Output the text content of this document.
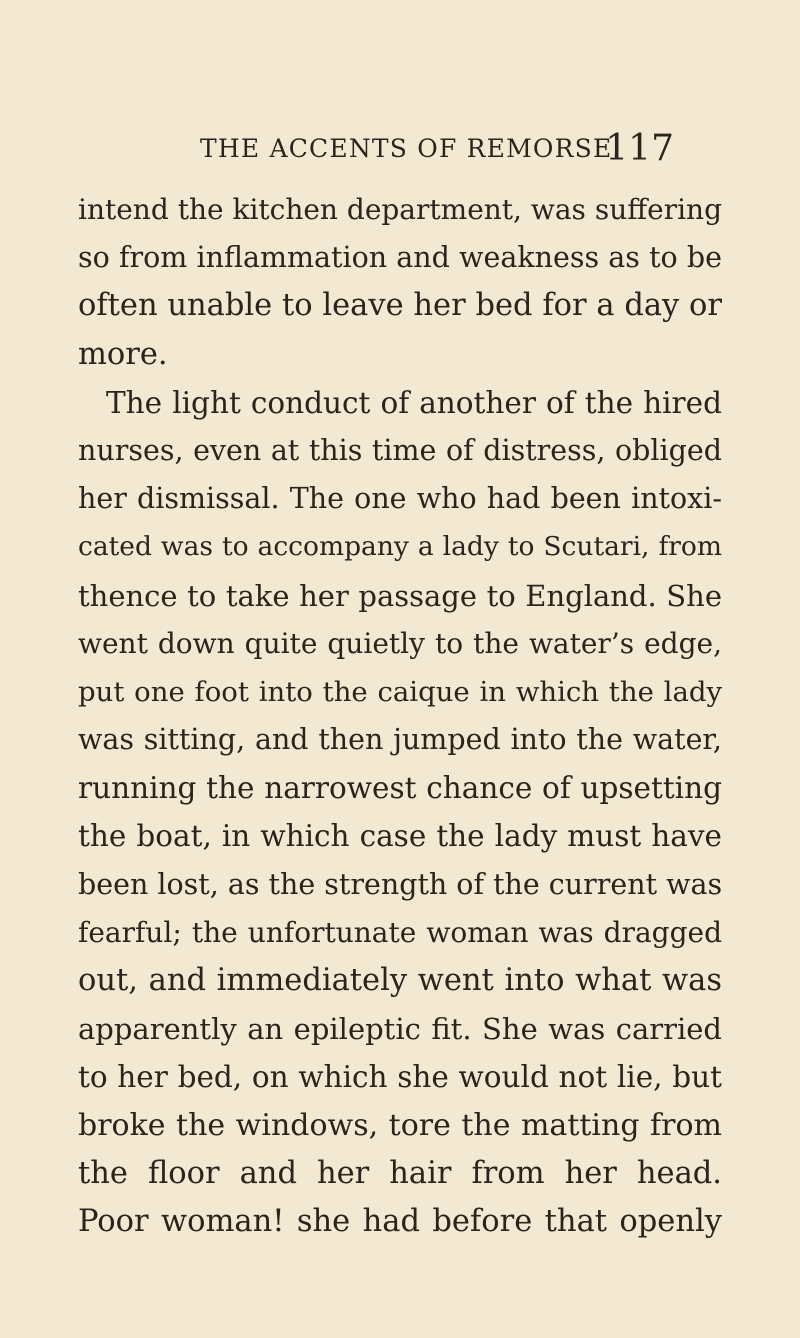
THE ACCENTS OF REMORSE.
117
intend the kitchen department, was suffering
so from inflammation and weakness as to be
often unable to leave her bed for a day or
more.
The light conduct of another of the hired
nurses, even at this time of distress, obliged
her dismissal. The one who had been intoxi-
cated was to accompany a lady to Scutari, from
thence to take her passage to England. She
went down quite quietly to the water’s edge,
put one foot into the caique in which the lady
was sitting, and then jumped into the water,
running the narrowest chance of upsetting
the boat, in which case the lady must have
been lost, as the strength of the current was
fearful; the unfortunate woman was dragged
out, and immediately went into what was
apparently an epileptic fit. She was carried
to her bed, on which she would not lie, but
broke the windows, tore the matting from
the floor and her hair from her head.
Poor woman! she had before that openly
